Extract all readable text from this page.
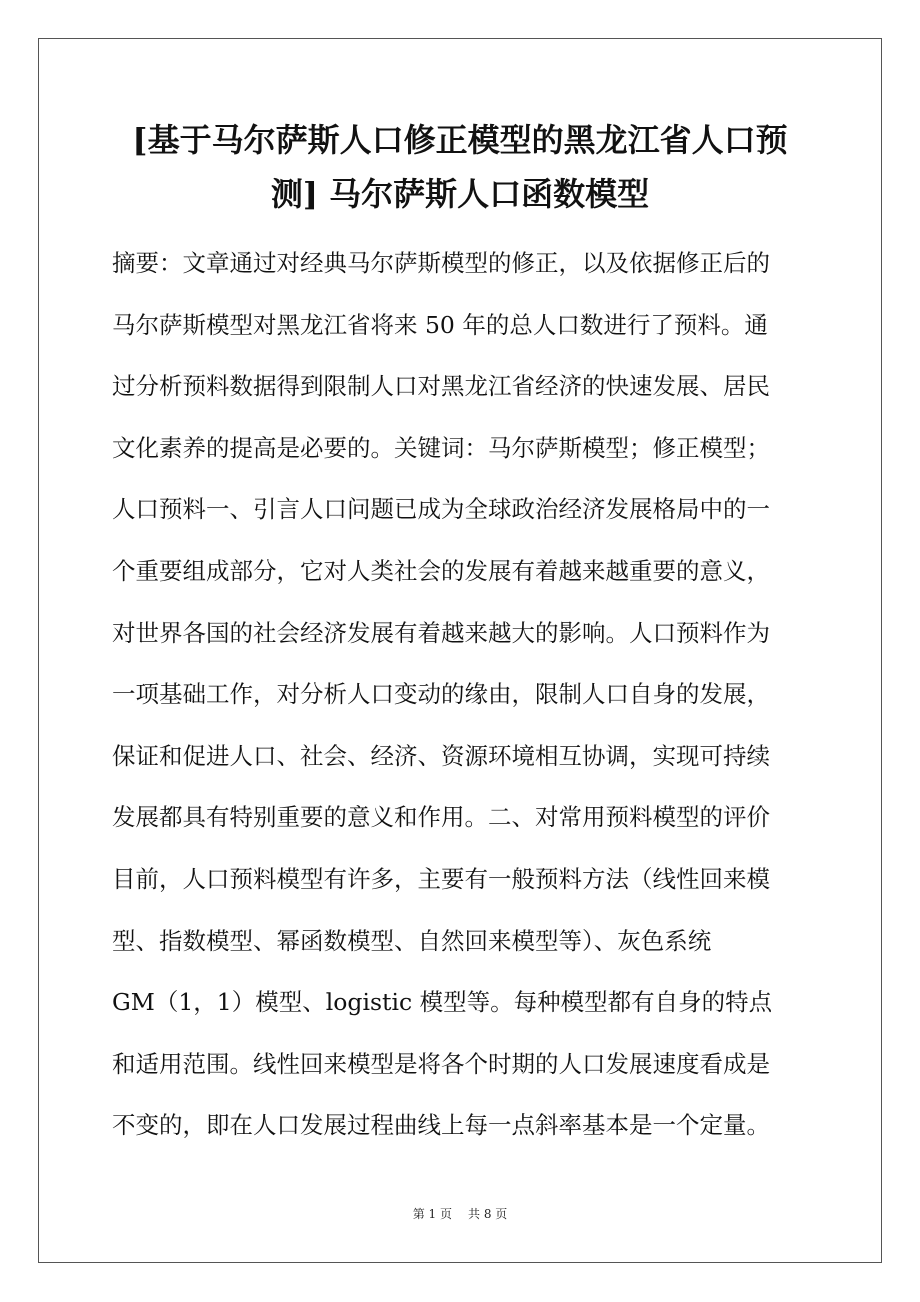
[基于马尔萨斯人口修正模型的黑龙江省人口预
测] 马尔萨斯人口函数模型
摘要：文章通过对经典马尔萨斯模型的修正，以及依据修正后的
马尔萨斯模型对黑龙江省将来 50 年的总人口数进行了预料。通
过分析预料数据得到限制人口对黑龙江省经济的快速发展、居民
文化素养的提高是必要的。关键词：马尔萨斯模型；修正模型；
人口预料一、引言人口问题已成为全球政治经济发展格局中的一
个重要组成部分，它对人类社会的发展有着越来越重要的意义，
对世界各国的社会经济发展有着越来越大的影响。人口预料作为
一项基础工作，对分析人口变动的缘由，限制人口自身的发展，
保证和促进人口、社会、经济、资源环境相互协调，实现可持续
发展都具有特别重要的意义和作用。二、对常用预料模型的评价
目前，人口预料模型有许多，主要有一般预料方法（线性回来模
型、指数模型、幂函数模型、自然回来模型等）、灰色系统
GM（1，1）模型、logistic 模型等。每种模型都有自身的特点
和适用范围。线性回来模型是将各个时期的人口发展速度看成是
不变的，即在人口发展过程曲线上每一点斜率基本是一个定量。
第 1 页 共 8 页
